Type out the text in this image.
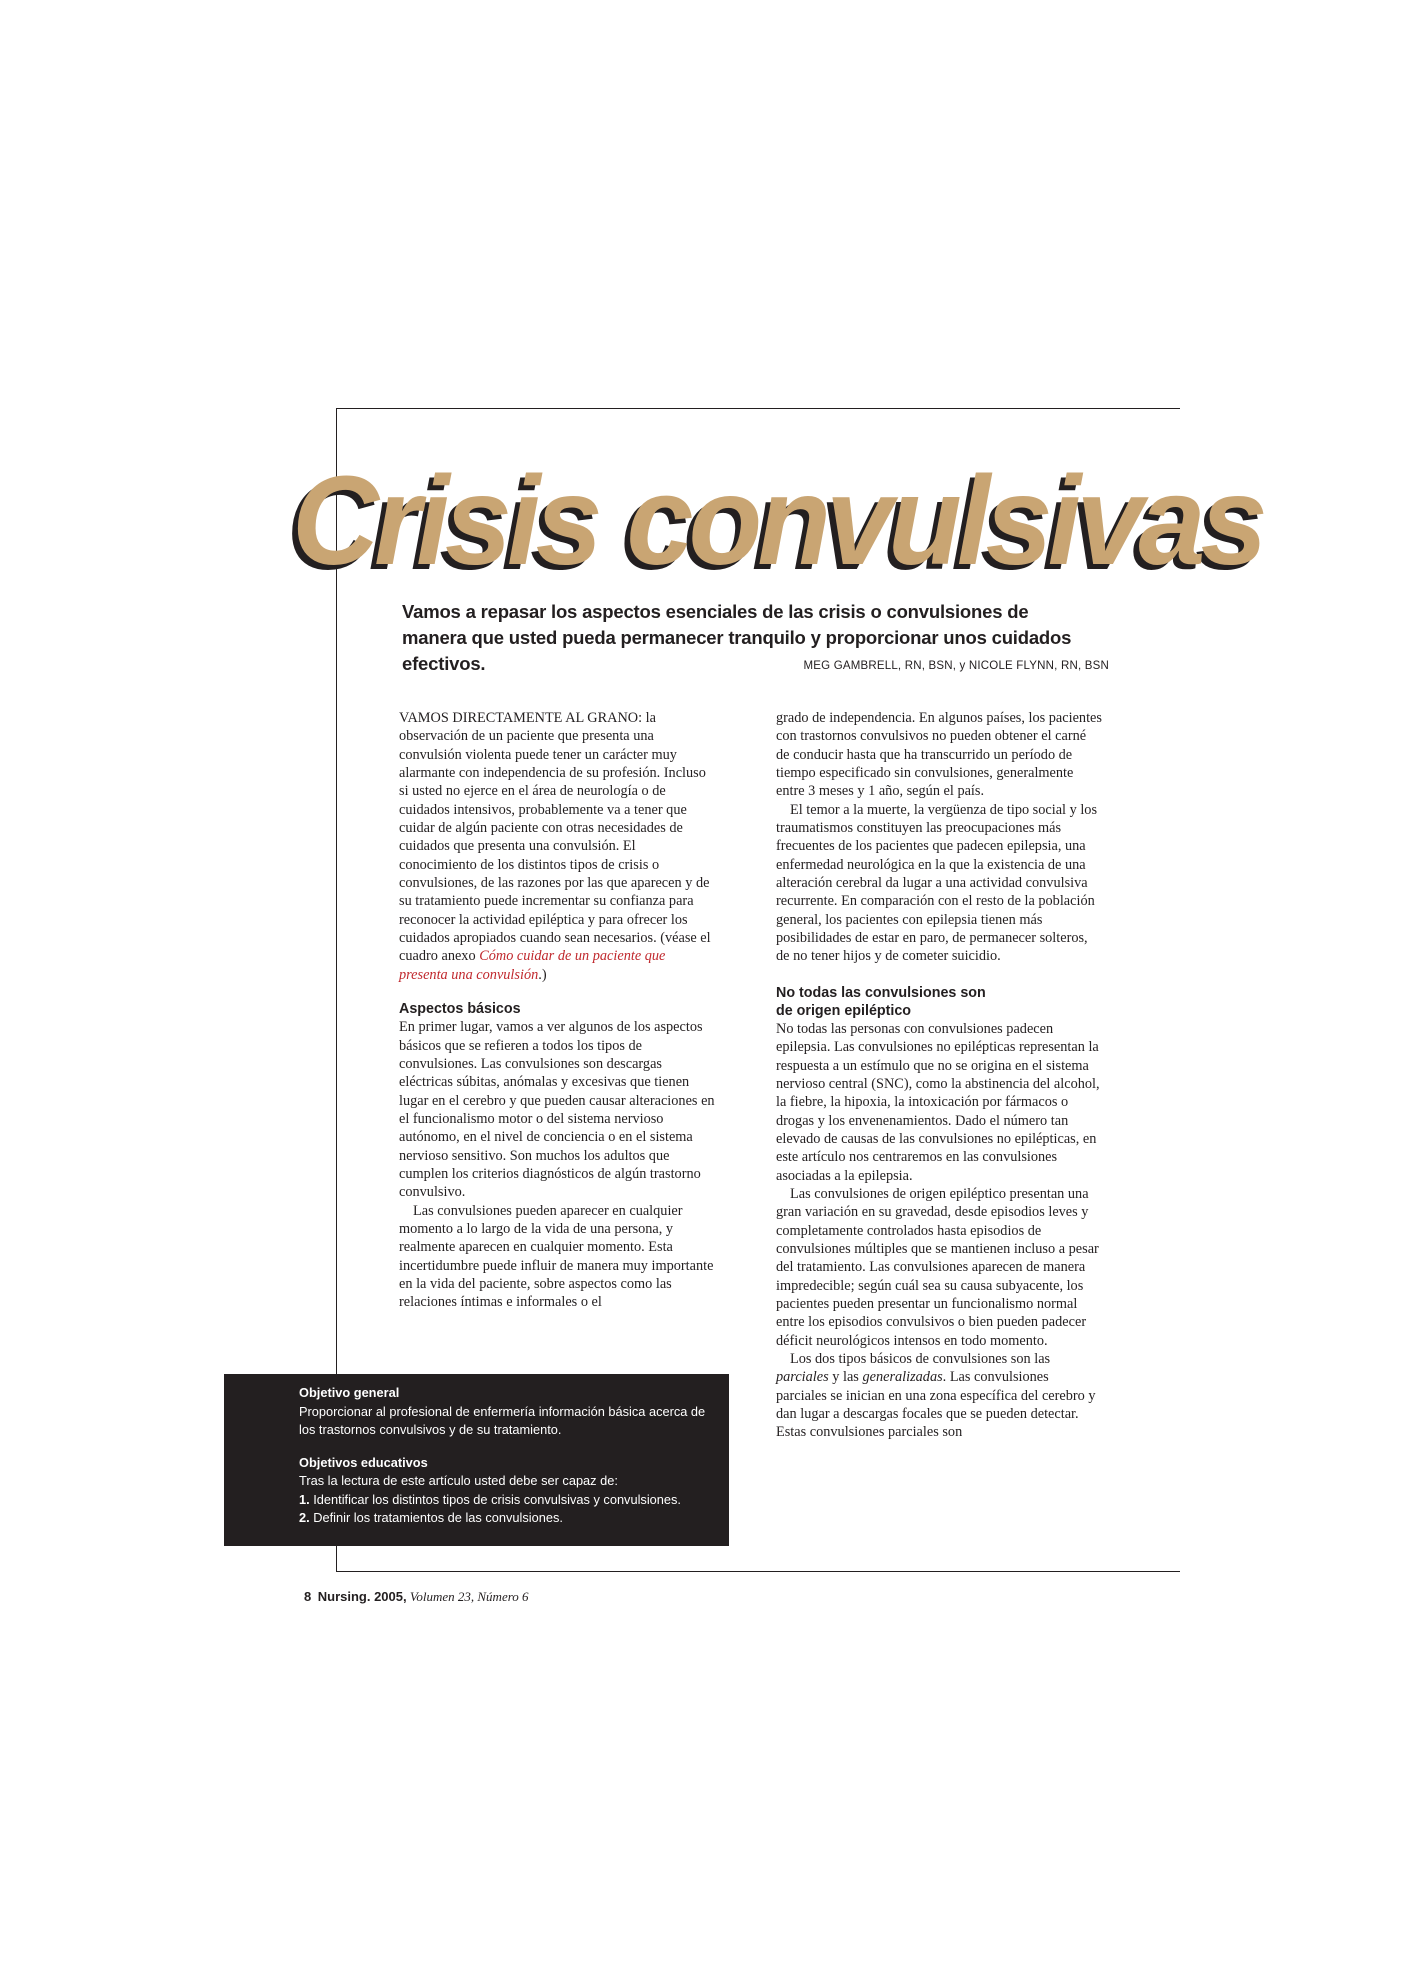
Crisis convulsivas

Vamos a repasar los aspectos esenciales de las crisis o convulsiones de manera que usted pueda permanecer tranquilo y proporcionar unos cuidados efectivos.	MEG GAMBRELL, RN, BSN, y NICOLE FLYNN, RN, BSN

VAMOS DIRECTAMENTE AL GRANO: la observación de un paciente que presenta una convulsión violenta puede tener un carácter muy alarmante con independencia de su profesión. Incluso si usted no ejerce en el área de neurología o de cuidados intensivos, probablemente va a tener que cuidar de algún paciente con otras necesidades de cuidados que presenta una convulsión. El conocimiento de los distintos tipos de crisis o convulsiones, de las razones por las que aparecen y de su tratamiento puede incrementar su confianza para reconocer la actividad epiléptica y para ofrecer los cuidados apropiados cuando sean necesarios. (véase el cuadro anexo Cómo cuidar de un paciente que presenta una convulsión.)

Aspectos básicos

En primer lugar, vamos a ver algunos de los aspectos básicos que se refieren a todos los tipos de convulsiones. Las convulsiones son descargas eléctricas súbitas, anómalas y excesivas que tienen lugar en el cerebro y que pueden causar alteraciones en el funcionalismo motor o del sistema nervioso autónomo, en el nivel de conciencia o en el sistema nervioso sensitivo. Son muchos los adultos que cumplen los criterios diagnósticos de algún trastorno convulsivo.

Las convulsiones pueden aparecer en cualquier momento a lo largo de la vida de una persona, y realmente aparecen en cualquier momento. Esta incertidumbre puede influir de manera muy importante en la vida del paciente, sobre aspectos como las relaciones íntimas e informales o el

grado de independencia. En algunos países, los pacientes con trastornos convulsivos no pueden obtener el carné de conducir hasta que ha transcurrido un período de tiempo especificado sin convulsiones, generalmente entre 3 meses y 1 año, según el país.

El temor a la muerte, la vergüenza de tipo social y los traumatismos constituyen las preocupaciones más frecuentes de los pacientes que padecen epilepsia, una enfermedad neurológica en la que la existencia de una alteración cerebral da lugar a una actividad convulsiva recurrente. En comparación con el resto de la población general, los pacientes con epilepsia tienen más posibilidades de estar en paro, de permanecer solteros, de no tener hijos y de cometer suicidio.

No todas las convulsiones son
de origen epiléptico

No todas las personas con convulsiones padecen epilepsia. Las convulsiones no epilépticas representan la respuesta a un estímulo que no se origina en el sistema nervioso central (SNC), como la abstinencia del alcohol, la fiebre, la hipoxia, la intoxicación por fármacos o drogas y los envenenamientos. Dado el número tan elevado de causas de las convulsiones no epilépticas, en este artículo nos centraremos en las convulsiones asociadas a la epilepsia.

Las convulsiones de origen epiléptico presentan una gran variación en su gravedad, desde episodios leves y completamente controlados hasta episodios de convulsiones múltiples que se mantienen incluso a pesar del tratamiento. Las convulsiones aparecen de manera impredecible; según cuál sea su causa subyacente, los pacientes pueden presentar un funcionalismo normal entre los episodios convulsivos o bien pueden padecer déficit neurológicos intensos en todo momento.

Los dos tipos básicos de convulsiones son las parciales y las generalizadas. Las convulsiones parciales se inician en una zona específica del cerebro y dan lugar a descargas focales que se pueden detectar. Estas convulsiones parciales son

Objetivo general

Proporcionar al profesional de enfermería información básica acerca de los trastornos convulsivos y de su tratamiento.

Objetivos educativos

Tras la lectura de este artículo usted debe ser capaz de:

1. Identificar los distintos tipos de crisis convulsivas y convulsiones.

2. Definir los tratamientos de las convulsiones.

8 Nursing. 2005, Volumen 23, Número 6
